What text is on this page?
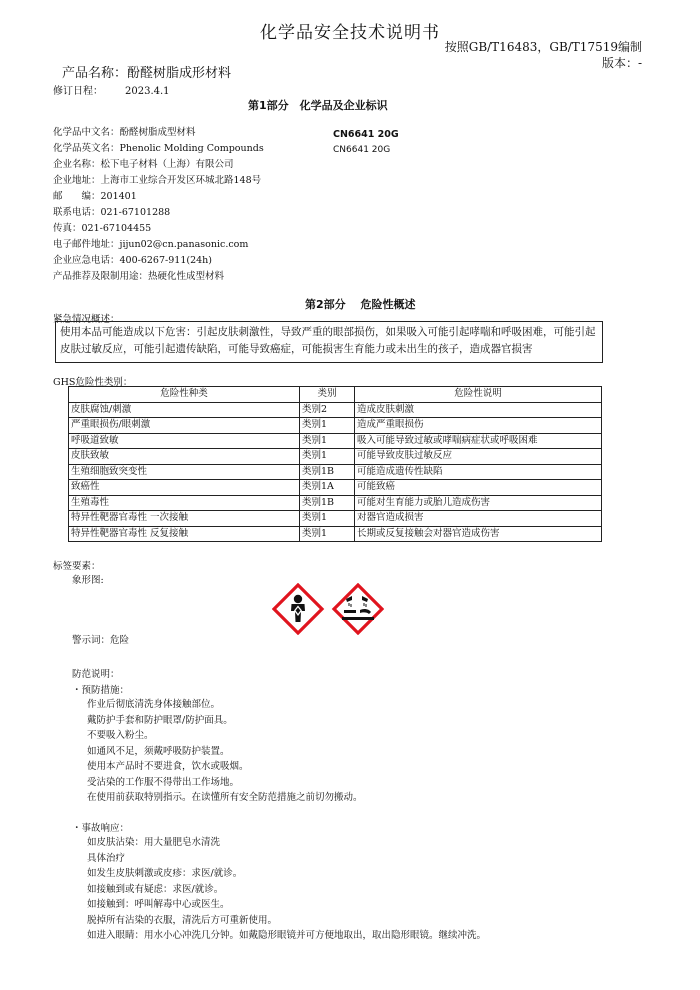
化学品安全技术说明书
按照GB/T16483，GB/T17519编制
版本：-
产品名称：酚醛树脂成形材料
修订日程： 2023.4.1
第1部分　化学品及企业标识
化学品中文名：酚醛树脂成型材料
化学品英文名：Phenolic Molding Compounds
企业名称：松下电子材料（上海）有限公司
企业地址：上海市工业综合开发区环城北路148号
邮　　编：201401
联系电话：021-67101288
传真：021-67104455
电子邮件地址：jijun02@cn.panasonic.com
企业应急电话：400-6267-911(24h)
产品推荐及限制用途：热硬化性成型材料
CN6641 20G
CN6641 20G
第2部分　 危险性概述
紧急情况概述：
使用本品可能造成以下危害：引起皮肤刺激性，导致严重的眼部损伤，如果吸入可能引起哮喘和呼吸困难，可能引起皮肤过敏反应，可能引起遗传缺陷，可能导致癌症，可能损害生育能力或未出生的孩子，造成器官损害
GHS危险性类别：
危险性种类	类别	危险性说明
皮肤腐蚀/刺激	类别2	造成皮肤刺激
严重眼损伤/眼刺激	类别1	造成严重眼损伤
呼吸道致敏	类别1	吸入可能导致过敏或哮喘病症状或呼吸困难
皮肤致敏	类别1	可能导致皮肤过敏反应
生殖细胞致突变性	类别1B	可能造成遗传性缺陷
致癌性	类别1A	可能致癌
生殖毒性	类别1B	可能对生育能力或胎儿造成伤害
特异性靶器官毒性 一次接触	类别1	对器官造成损害
特异性靶器官毒性 反复接触	类别1	长期或反复接触会对器官造成伤害
标签要素：
象形图:
警示词：危险
防范说明：
・预防措施：
作业后彻底清洗身体接触部位。
戴防护手套和防护眼罩/防护面具。
不要吸入粉尘。
如通风不足，须戴呼吸防护装置。
使用本产品时不要进食，饮水或吸烟。
受沾染的工作服不得带出工作场地。
在使用前获取特别指示。在读懂所有安全防范措施之前切勿搬动。
・事故响应：
如皮肤沾染：用大量肥皂水清洗
具体治疗
如发生皮肤刺激或皮疹：求医/就诊。
如接触到或有疑虑：求医/就诊。
如接触到：呼叫解毒中心或医生。
脱掉所有沾染的衣服，清洗后方可重新使用。
如进入眼睛：用水小心冲洗几分钟。如戴隐形眼镜并可方便地取出，取出隐形眼镜。继续冲洗。
